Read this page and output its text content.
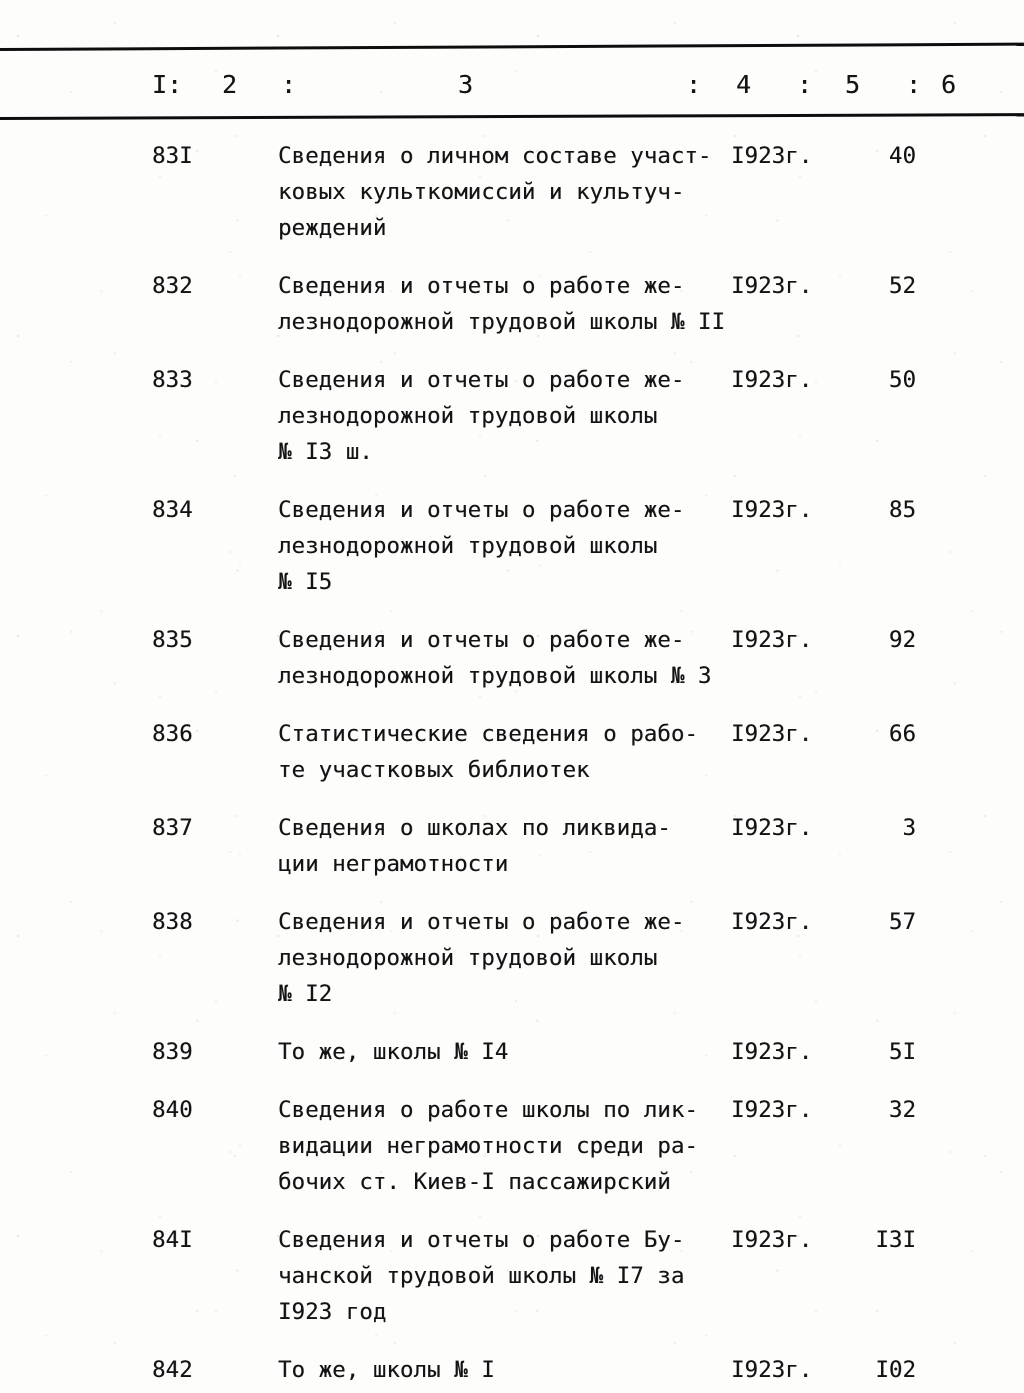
I: 2 :	3	: 4 : 5 : 6
83I	Сведения о личном составе участ-
ковых культкомиссий и культуч-
реждений
I923г.	40
832	Сведения и отчеты о работе же-
лезнодорожной трудовой школы № II
I923г.	52
833	Сведения и отчеты о работе же-
лезнодорожной трудовой школы
№ I3 ш.
I923г.	50
834	Сведения и отчеты о работе же-
лезнодорожной трудовой школы
№ I5
I923г.	85
835	Сведения и отчеты о работе же-
лезнодорожной трудовой школы № 3
I923г.	92
836	Статистические сведения о рабо-
те участковых библиотек
I923г.	66
837	Сведения о школах по ликвида-
ции неграмотности
I923г.	3
838	Сведения и отчеты о работе же-
лезнодорожной трудовой школы
№ I2
I923г.	57
839	То же, школы № I4	I923г.	5I
840	Сведения о работе школы по лик-
видации неграмотности среди ра-
бочих ст. Киев-I пассажирский
I923г.	32
84I	Сведения и отчеты о работе Бу-
чанской трудовой школы № I7 за
I923 год
I923г.	I3I
842	То же, школы № I	I923г.	I02
